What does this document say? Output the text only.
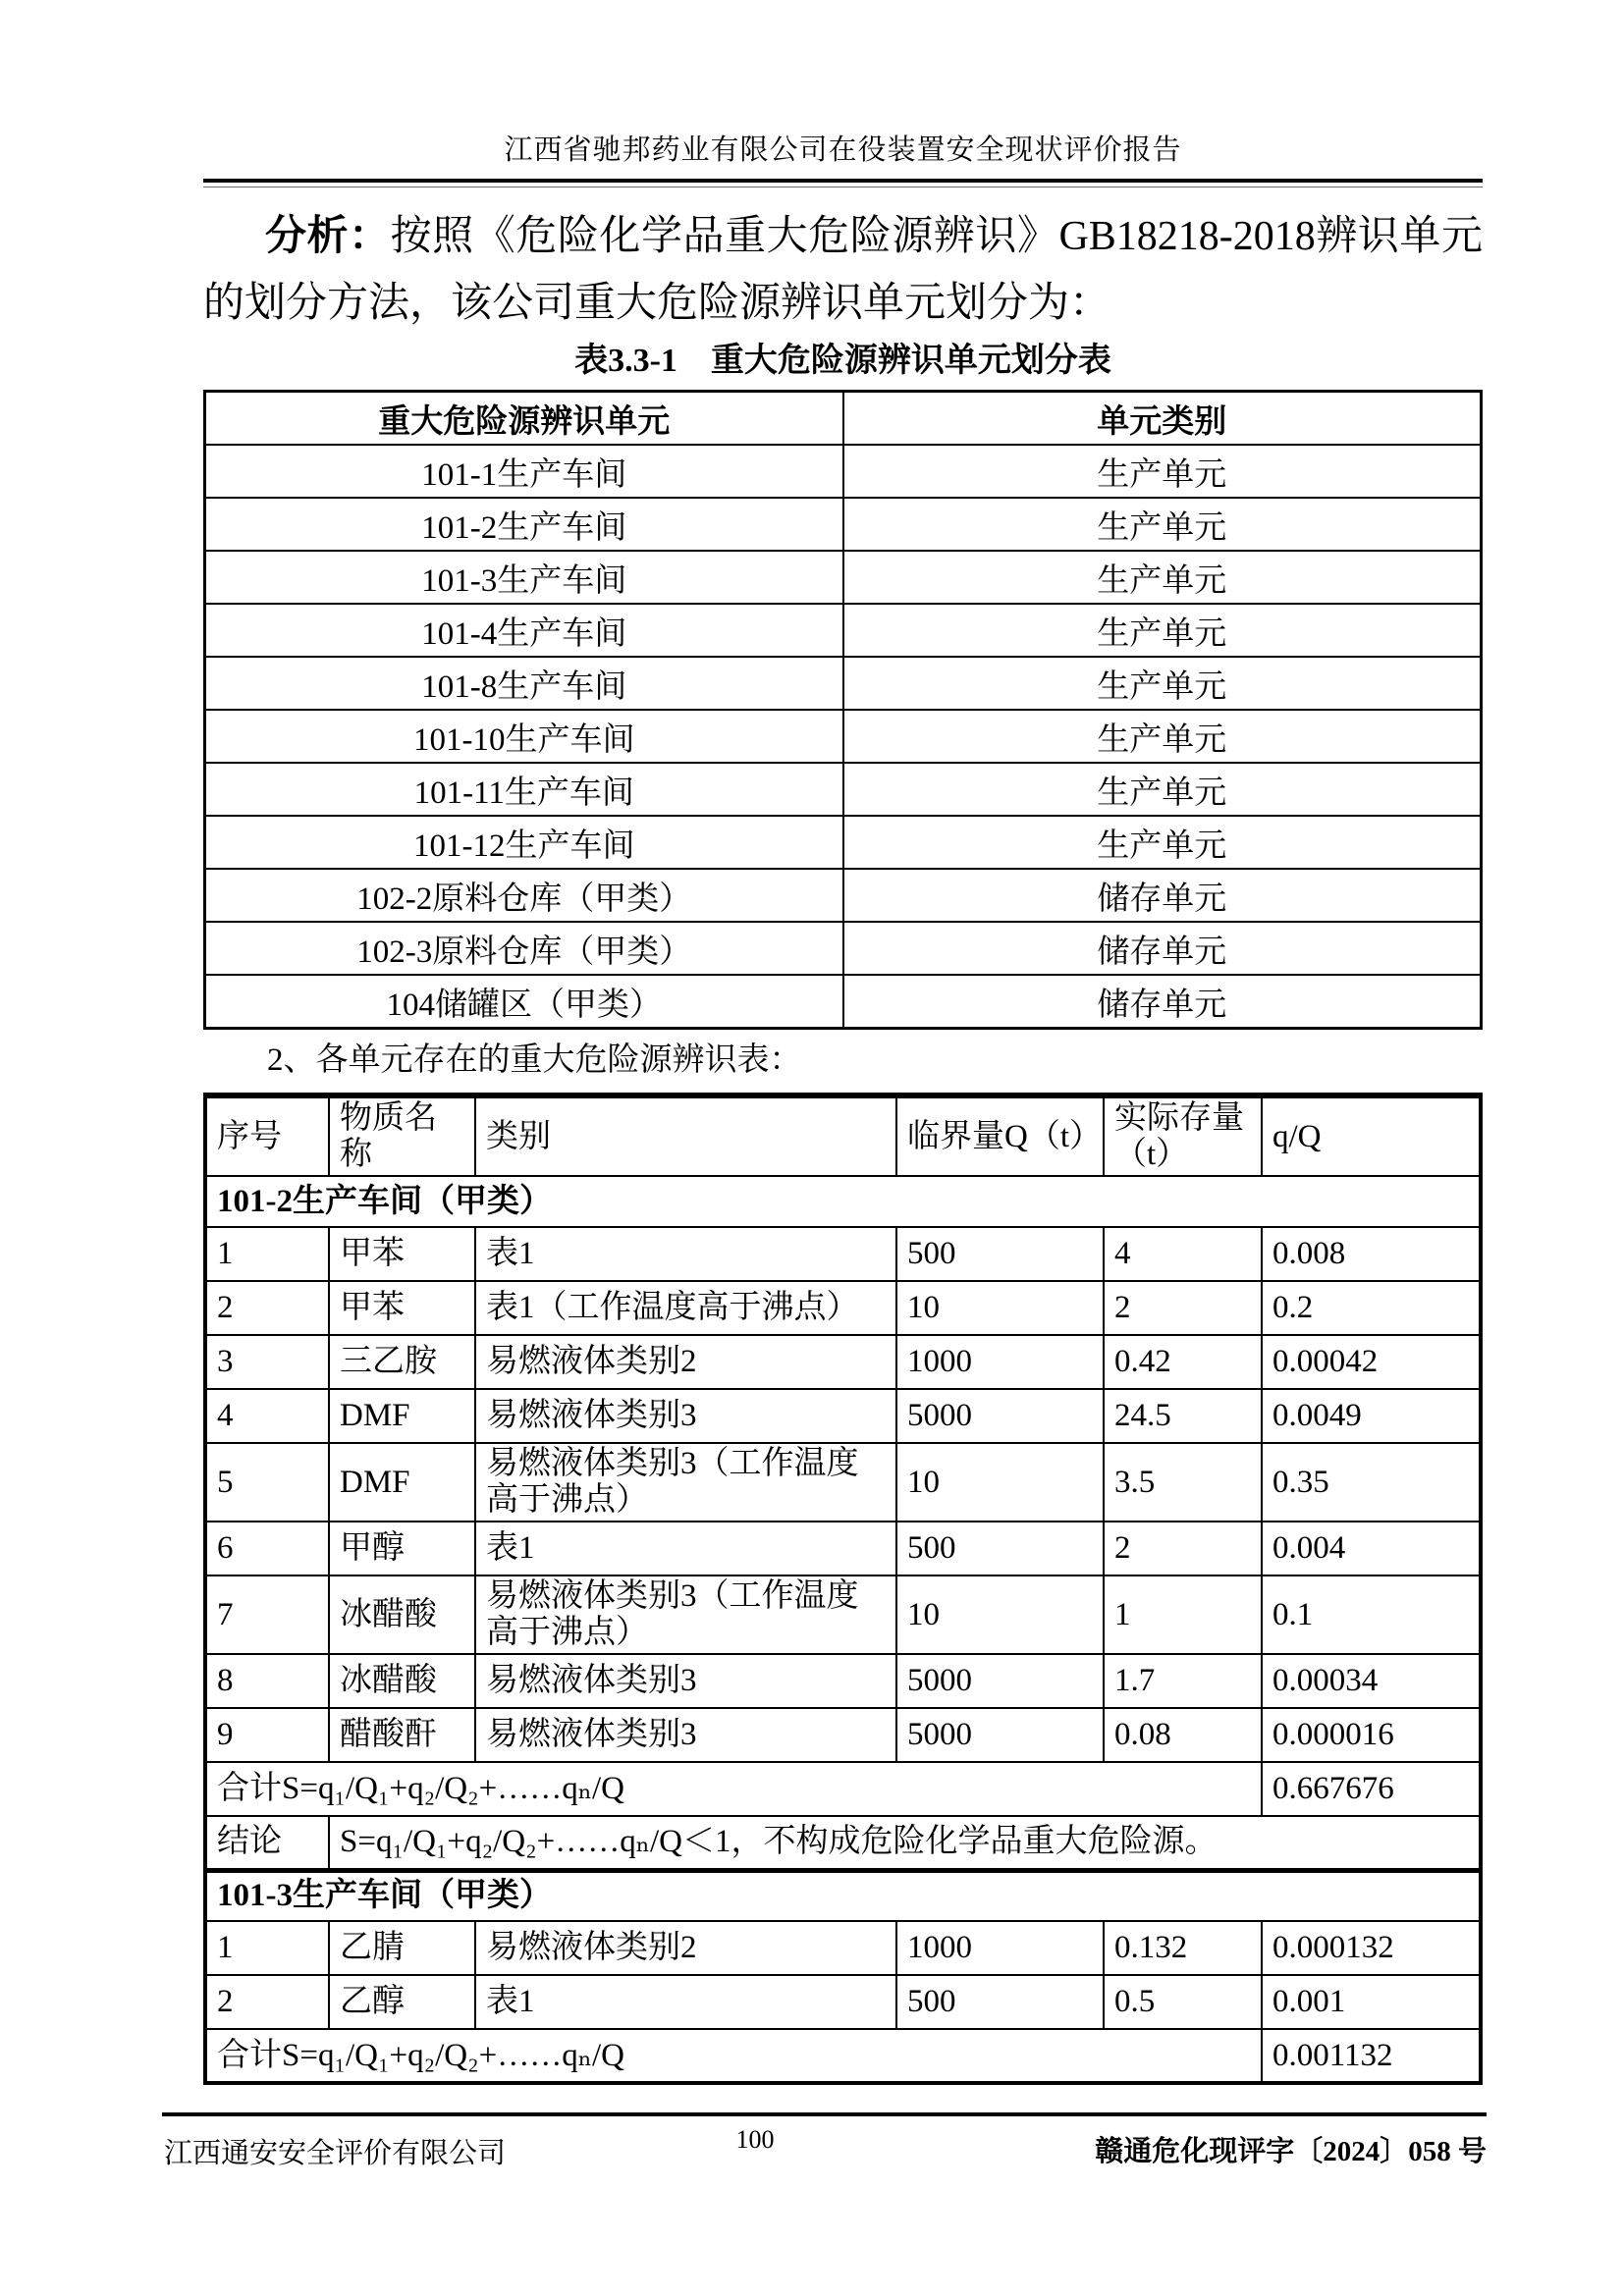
江西省驰邦药业有限公司在役装置安全现状评价报告

分析：按照《危险化学品重大危险源辨识》GB18218-2018辨识单元的划分方法，该公司重大危险源辨识单元划分为：

表3.3-1　重大危险源辨识单元划分表
重大危险源辨识单元	单元类别
101-1生产车间	生产单元
101-2生产车间	生产单元
101-3生产车间	生产单元
101-4生产车间	生产单元
101-8生产车间	生产单元
101-10生产车间	生产单元
101-11生产车间	生产单元
101-12生产车间	生产单元
102-2原料仓库（甲类）	储存单元
102-3原料仓库（甲类）	储存单元
104储罐区（甲类）	储存单元

2、各单元存在的重大危险源辨识表：

序号	物质名称	类别	临界量Q（t）	实际存量（t）	q/Q
101-2生产车间（甲类）					
1	甲苯	表1	500	4	0.008
2	甲苯	表1（工作温度高于沸点）	10	2	0.2
3	三乙胺	易燃液体类别2	1000	0.42	0.00042
4	DMF	易燃液体类别3	5000	24.5	0.0049
5	DMF	易燃液体类别3（工作温度高于沸点）	10	3.5	0.35
6	甲醇	表1	500	2	0.004
7	冰醋酸	易燃液体类别3（工作温度高于沸点）	10	1	0.1
8	冰醋酸	易燃液体类别3	5000	1.7	0.00034
9	醋酸酐	易燃液体类别3	5000	0.08	0.000016
合计S=q₁/Q₁+q₂/Q₂+……qₙ/Q					0.667676
结论	S=q₁/Q₁+q₂/Q₂+……qₙ/Q＜1，不构成危险化学品重大危险源。				
101-3生产车间（甲类）					
1	乙腈	易燃液体类别2	1000	0.132	0.000132
2	乙醇	表1	500	0.5	0.001
合计S=q₁/Q₁+q₂/Q₂+……qₙ/Q					0.001132
江西通安安全评价有限公司	100	赣通危化现评字〔2024〕058 号
